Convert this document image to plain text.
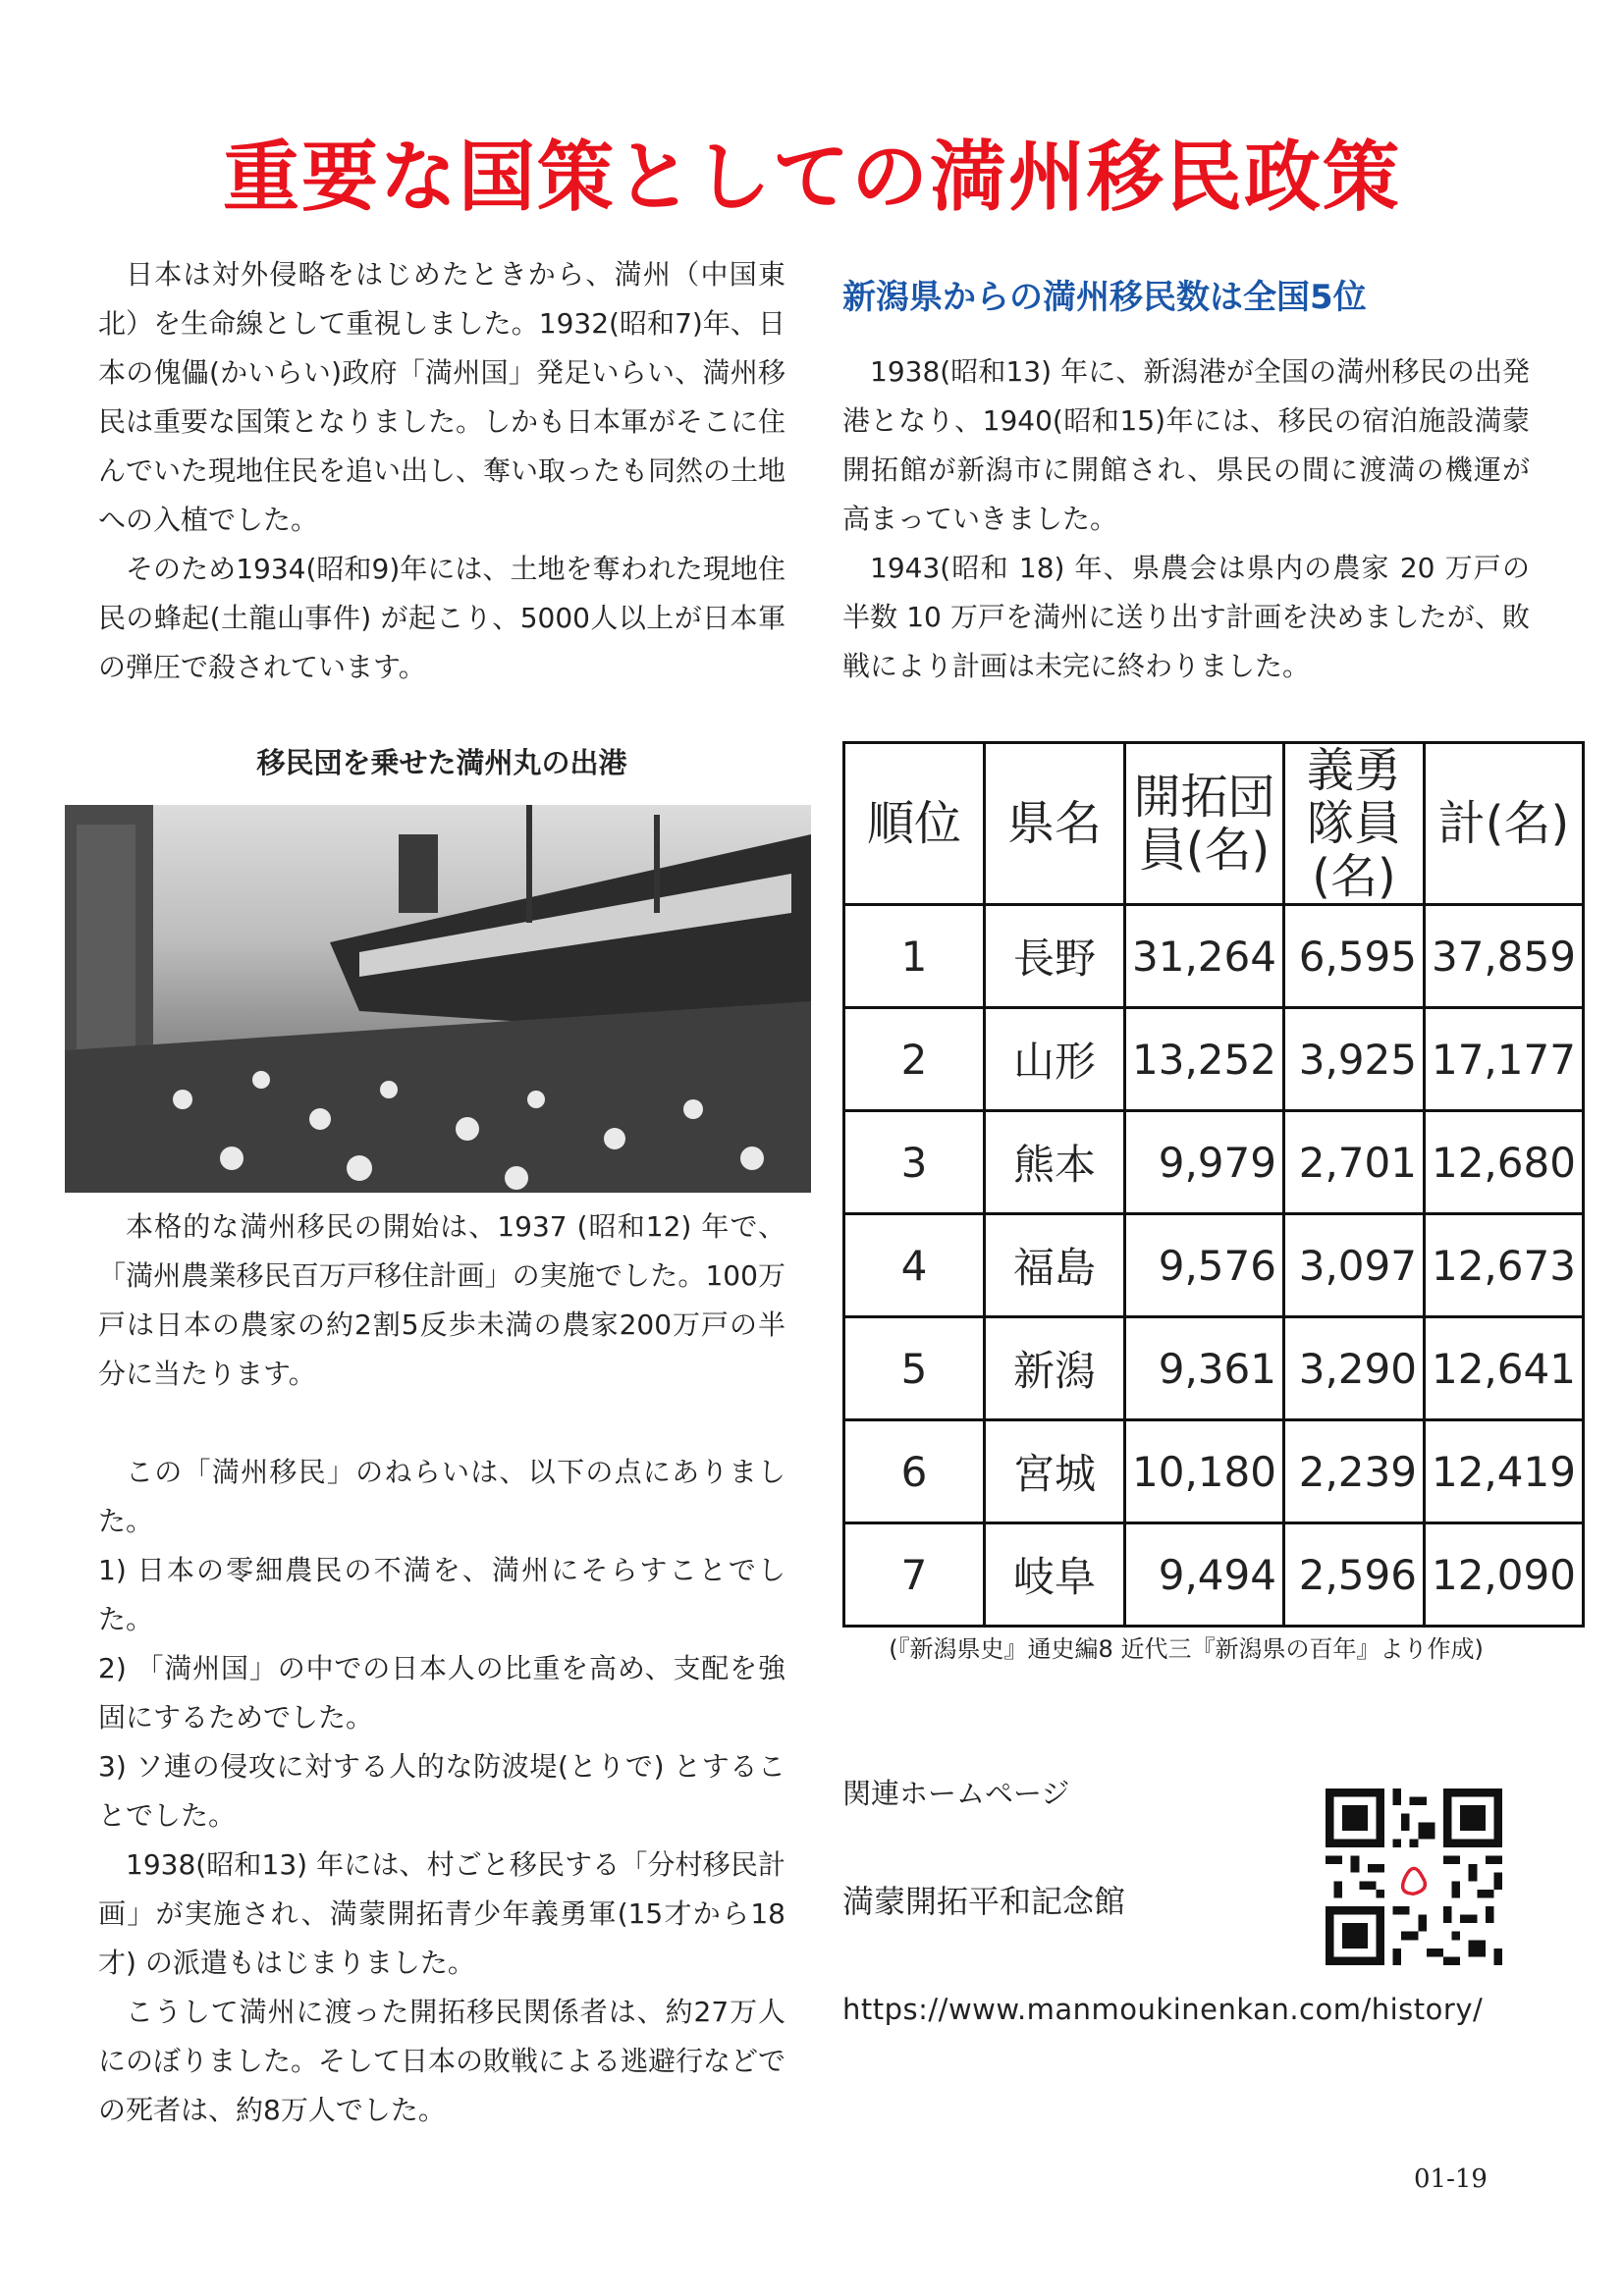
重要な国策としての満州移民政策

日本は対外侵略をはじめたときから、満州（中国東北）を生命線として重視しました。1932(昭和7)年、日本の傀儡(かいらい)政府「満州国」発足いらい、満州移民は重要な国策となりました。しかも日本軍がそこに住んでいた現地住民を追い出し、奪い取ったも同然の土地への入植でした。

そのため1934(昭和9)年には、土地を奪われた現地住民の蜂起(土龍山事件) が起こり、5000人以上が日本軍の弾圧で殺されています。

移民団を乗せた満州丸の出港

本格的な満州移民の開始は、1937 (昭和12) 年で、「満州農業移民百万戸移住計画」の実施でした。100万戸は日本の農家の約2割5反歩未満の農家200万戸の半分に当たります。

この「満州移民」のねらいは、以下の点にありました。

1) 日本の零細農民の不満を、満州にそらすことでした。

2) 「満州国」の中での日本人の比重を高め、支配を強固にするためでした。

3) ソ連の侵攻に対する人的な防波堤(とりで) とすることでした。

1938(昭和13) 年には、村ごと移民する「分村移民計画」が実施され、満蒙開拓青少年義勇軍(15才から18才) の派遣もはじまりました。

こうして満州に渡った開拓移民関係者は、約27万人にのぼりました。そして日本の敗戦による逃避行などでの死者は、約8万人でした。

新潟県からの満州移民数は全国5位

1938(昭和13) 年に、新潟港が全国の満州移民の出発港となり、1940(昭和15)年には、移民の宿泊施設満蒙開拓館が新潟市に開館され、県民の間に渡満の機運が高まっていきました。

1943(昭和 18) 年、県農会は県内の農家 20 万戸の半数 10 万戸を満州に送り出す計画を決めましたが、敗戦により計画は未完に終わりました。

順位	県名	開拓団員(名)	義勇隊員(名)	計(名)
1	長野	31,264	6,595	37,859
2	山形	13,252	3,925	17,177
3	熊本	9,979	2,701	12,680
4	福島	9,576	3,097	12,673
5	新潟	9,361	3,290	12,641
6	宮城	10,180	2,239	12,419
7	岐阜	9,494	2,596	12,090
(『新潟県史』通史編8 近代三『新潟県の百年』より作成)
関連ホームページ
満蒙開拓平和記念館
https://www.manmoukinenkan.com/history/
01-19
